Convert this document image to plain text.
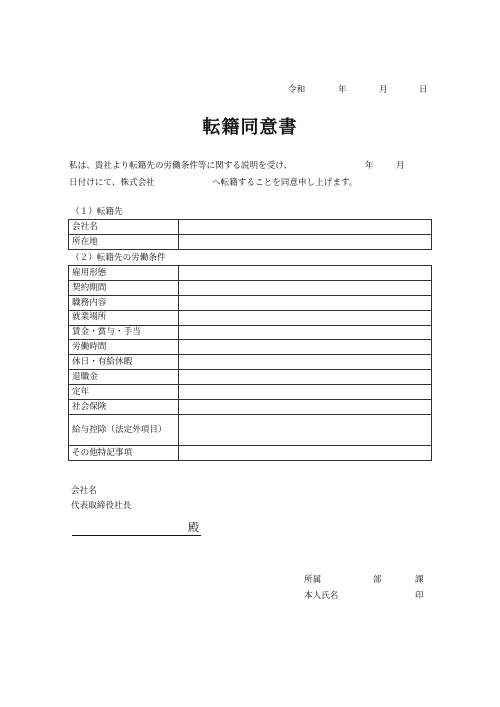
令和	年	月	日
転籍同意書
私は、貴社より転籍先の労働条件等に関する説明を受け、	年	月
日付けにて、株式会社	へ転籍することを同意申し上げます。
（１）転籍先
会社名	
所在地	
（２）転籍先の労働条件
雇用形態	
契約期間	
職務内容	
就業場所	
賃金・賞与・手当	
労働時間	
休日・有給休暇	
退職金	
定年	
社会保険	
給与控除（法定外項目）	
その他特記事項	
会社名
代表取締役社長
殿
所属	部	課
本人氏名	印
